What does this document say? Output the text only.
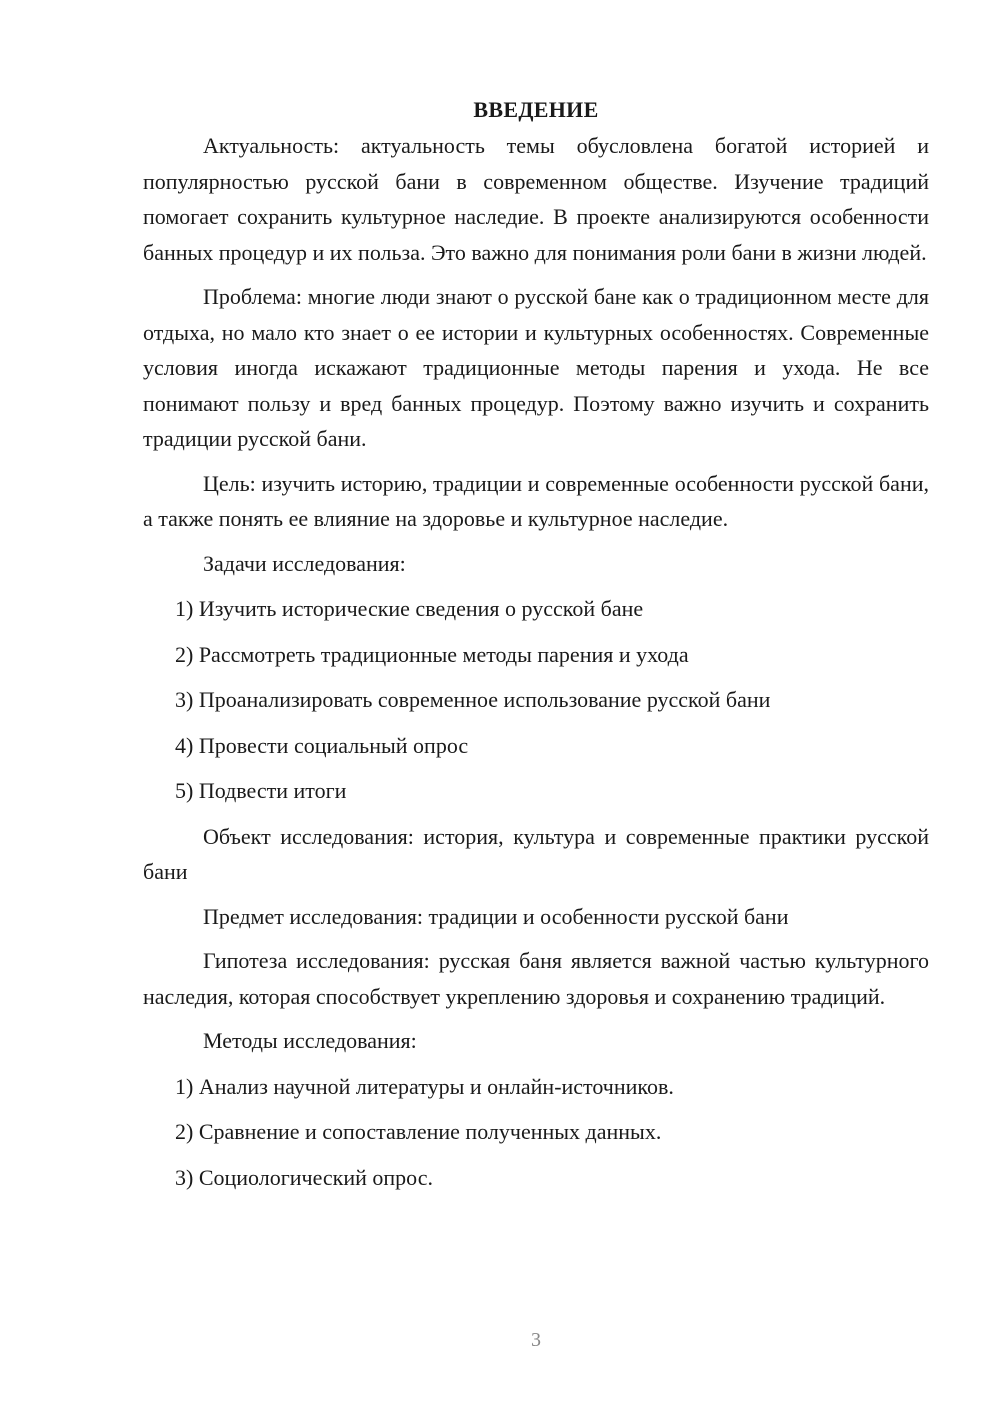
ВВЕДЕНИЕ

Актуальность: актуальность темы обусловлена богатой историей и популярностью русской бани в современном обществе. Изучение традиций помогает сохранить культурное наследие. В проекте анализируются особенности банных процедур и их польза. Это важно для понимания роли бани в жизни людей.

Проблема: многие люди знают о русской бане как о традиционном месте для отдыха, но мало кто знает о ее истории и культурных особенностях. Современные условия иногда искажают традиционные методы парения и ухода. Не все понимают пользу и вред банных процедур. Поэтому важно изучить и сохранить традиции русской бани.

Цель: изучить историю, традиции и современные особенности русской бани, а также понять ее влияние на здоровье и культурное наследие.

Задачи исследования:

1) Изучить исторические сведения о русской бане
2) Рассмотреть традиционные методы парения и ухода
3) Проанализировать современное использование русской бани
4) Провести социальный опрос
5) Подвести итоги

Объект исследования: история, культура и современные практики русской бани

Предмет исследования: традиции и особенности русской бани

Гипотеза исследования: русская баня является важной частью культурного наследия, которая способствует укреплению здоровья и сохранению традиций.

Методы исследования:

1) Анализ научной литературы и онлайн-источников.
2) Сравнение и сопоставление полученных данных.
3) Социологический опрос.
3
